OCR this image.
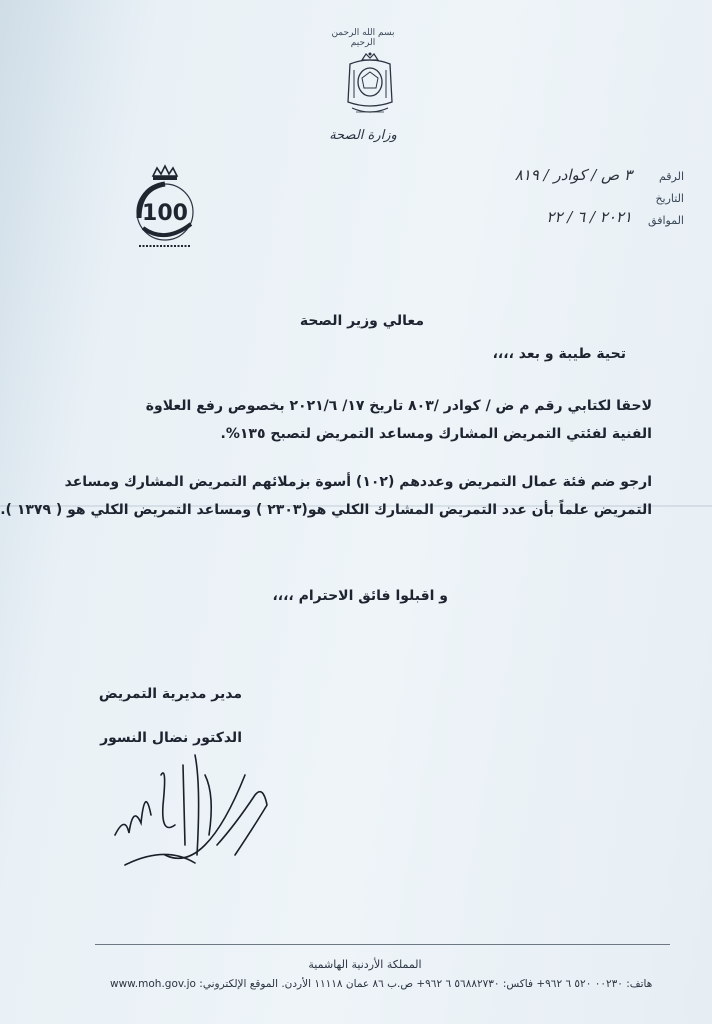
بسم الله الرحمن الرحيم
وزارة الصحة
100
الرقم
٣ ص / كوادر / ٨١٩
التاريخ
الموافق
٢٠٢١ / ٦ / ٢٢
معالي وزير الصحة
تحية طيبة و بعد ،،،،
لاحقا لكتابي رقم م ض / كوادر /٨٠٣ تاريخ ١٧/ ٢٠٢١/٦ بخصوص رفع العلاوة
الفنية لفئتي التمريض المشارك ومساعد التمريض لتصبح ١٣٥%.
ارجو ضم فئة عمال التمريض وعددهم (١٠٢) أسوة بزملائهم التمريض المشارك ومساعد
التمريض علماً بأن عدد التمريض المشارك الكلي هو(٢٣٠٣ ) ومساعد التمريض الكلي هو ( ١٣٧٩ ).
و اقبلوا فائق الاحترام ،،،،
مدير مديرية التمريض
الدكتور نضال النسور
المملكة الأردنية الهاشمية
هاتف: ٠٠٢٣٠ ٥٢٠ ٦ ٩٦٢+ فاكس: ٥٦٨٨٢٧٣٠ ٦ ٩٦٢+ ص.ب ٨٦ عمان ١١١١٨ الأردن. الموقع الإلكتروني: www.moh.gov.jo
